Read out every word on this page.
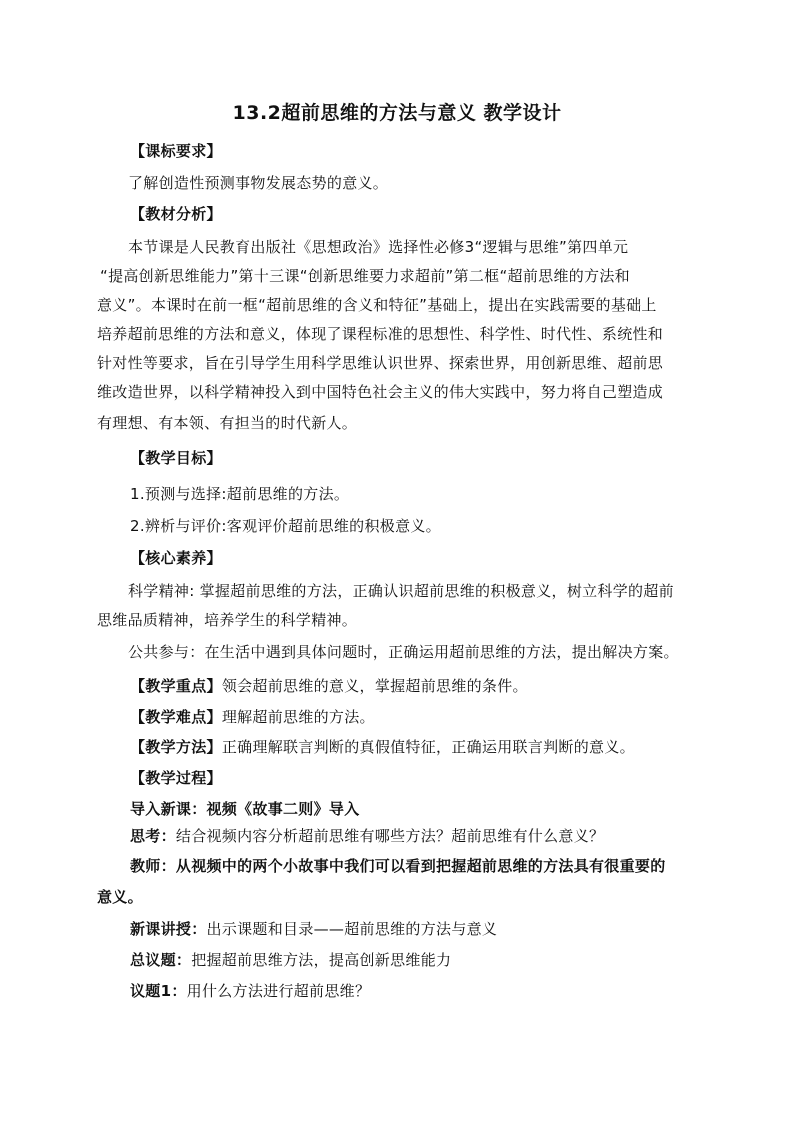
13.2超前思维的方法与意义 教学设计
【课标要求】
了解创造性预测事物发展态势的意义。
【教材分析】
本节课是人民教育出版社《思想政治》选择性必修3“逻辑与思维”第四单元
“提高创新思维能力”第十三课“创新思维要力求超前”第二框“超前思维的方法和
意义”。本课时在前一框“超前思维的含义和特征”基础上，提出在实践需要的基础上
培养超前思维的方法和意义，体现了课程标准的思想性、科学性、时代性、系统性和
针对性等要求，旨在引导学生用科学思维认识世界、探索世界，用创新思维、超前思
维改造世界，以科学精神投入到中国特色社会主义的伟大实践中，努力将自己塑造成
有理想、有本领、有担当的时代新人。
【教学目标】
1.预测与选择:超前思维的方法。
2.辨析与评价:客观评价超前思维的积极意义。
【核心素养】
科学精神: 掌握超前思维的方法，正确认识超前思维的积极意义，树立科学的超前
思维品质精神，培养学生的科学精神。
公共参与：在生活中遇到具体问题时，正确运用超前思维的方法，提出解决方案。
【教学重点】领会超前思维的意义，掌握超前思维的条件。
【教学难点】理解超前思维的方法。
【教学方法】正确理解联言判断的真假值特征，正确运用联言判断的意义。
【教学过程】
导入新课：视频《故事二则》导入
思考：结合视频内容分析超前思维有哪些方法？超前思维有什么意义？
教师：从视频中的两个小故事中我们可以看到把握超前思维的方法具有很重要的
意义。
新课讲授：出示课题和目录——超前思维的方法与意义
总议题：把握超前思维方法，提高创新思维能力
议题1：用什么方法进行超前思维？
